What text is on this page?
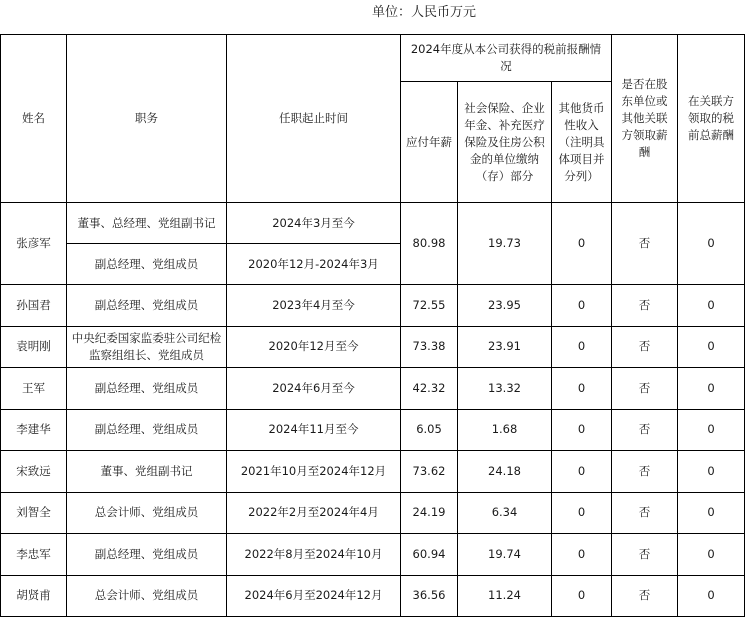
单位：人民币万元
姓名	职务	任职起止时间	2024年度从本公司获得的税前报酬情况			是否在股东单位或其他关联方领取薪酬	在关联方领取的税前总薪酬
			应付年薪	社会保险、企业年金、补充医疗保险及住房公积金的单位缴纳（存）部分	其他货币性收入（注明具体项目并分列）		
张彦军	董事、总经理、党组副书记	2024年3月至今	80.98	19.73	0	否	0
	副总经理、党组成员	2020年12月-2024年3月					
孙国君	副总经理、党组成员	2023年4月至今	72.55	23.95	0	否	0
袁明刚	中央纪委国家监委驻公司纪检监察组组长、党组成员	2020年12月至今	73.38	23.91	0	否	0
王军	副总经理、党组成员	2024年6月至今	42.32	13.32	0	否	0
李建华	副总经理、党组成员	2024年11月至今	6.05	1.68	0	否	0
宋致远	董事、党组副书记	2021年10月至2024年12月	73.62	24.18	0	否	0
刘智全	总会计师、党组成员	2022年2月至2024年4月	24.19	6.34	0	否	0
李忠军	副总经理、党组成员	2022年8月至2024年10月	60.94	19.74	0	否	0
胡贤甫	总会计师、党组成员	2024年6月至2024年12月	36.56	11.24	0	否	0
